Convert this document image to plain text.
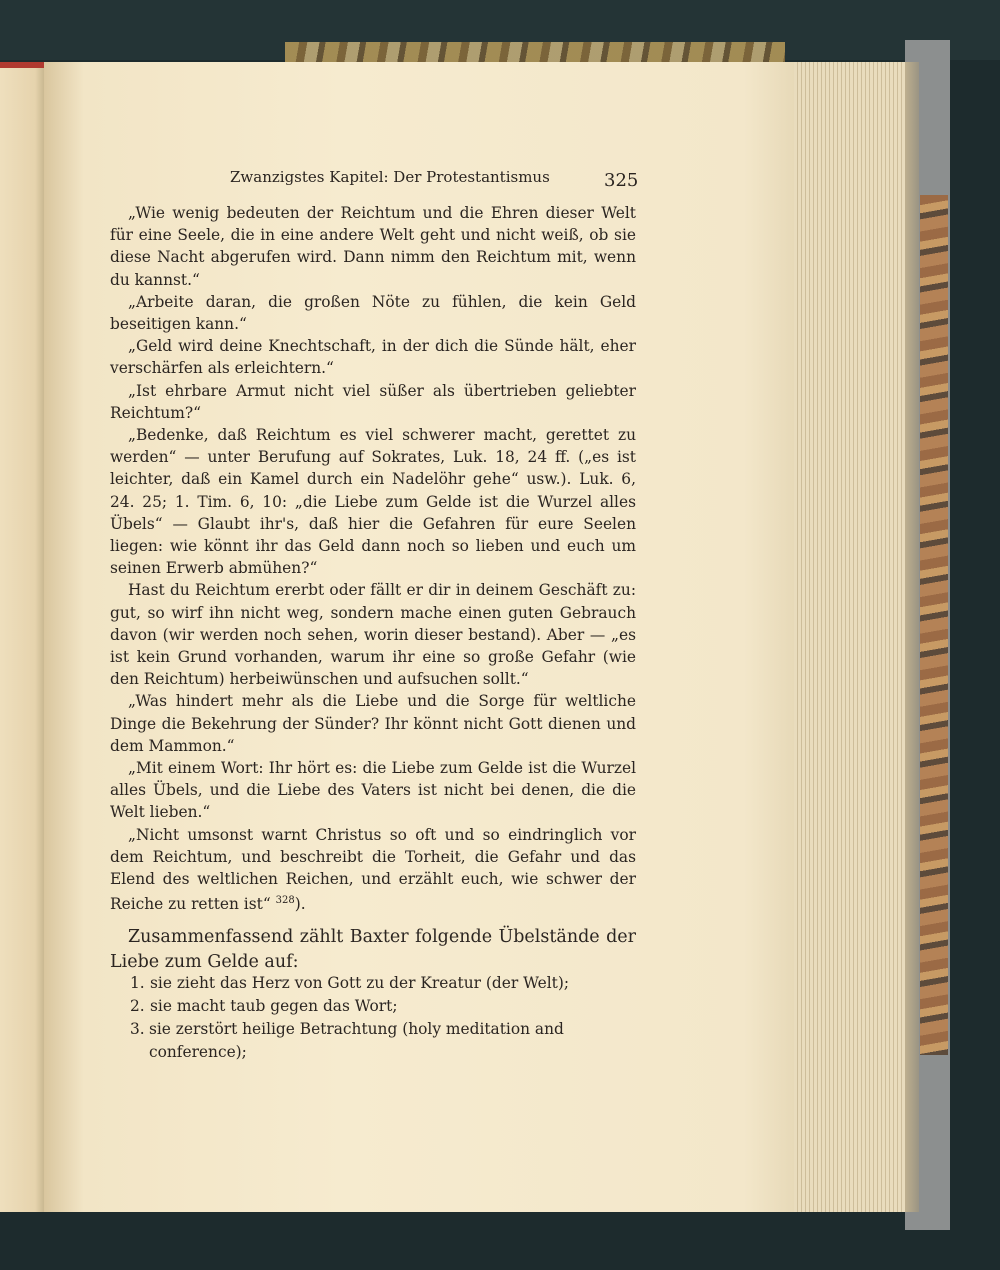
Zwanzigstes Kapitel: Der Protestantismus	325

„Wie wenig bedeuten der Reichtum und die Ehren dieser Welt für eine Seele, die in eine andere Welt geht und nicht weiß, ob sie diese Nacht abgerufen wird. Dann nimm den Reichtum mit, wenn du kannst.“

„Arbeite daran, die großen Nöte zu fühlen, die kein Geld beseitigen kann.“

„Geld wird deine Knechtschaft, in der dich die Sünde hält, eher verschärfen als erleichtern.“

„Ist ehrbare Armut nicht viel süßer als übertrieben geliebter Reichtum?“

„Bedenke, daß Reichtum es viel schwerer macht, gerettet zu werden“ — unter Berufung auf Sokrates, Luk. 18, 24 ff. („es ist leichter, daß ein Kamel durch ein Nadelöhr gehe“ usw.). Luk. 6, 24. 25; 1. Tim. 6, 10: „die Liebe zum Gelde ist die Wurzel alles Übels“ — Glaubt ihr's, daß hier die Gefahren für eure Seelen liegen: wie könnt ihr das Geld dann noch so lieben und euch um seinen Erwerb abmühen?“

Hast du Reichtum ererbt oder fällt er dir in deinem Geschäft zu: gut, so wirf ihn nicht weg, sondern mache einen guten Gebrauch davon (wir werden noch sehen, worin dieser bestand). Aber — „es ist kein Grund vorhanden, warum ihr eine so große Gefahr (wie den Reichtum) herbeiwünschen und aufsuchen sollt.“

„Was hindert mehr als die Liebe und die Sorge für weltliche Dinge die Bekehrung der Sünder? Ihr könnt nicht Gott dienen und dem Mammon.“

„Mit einem Wort: Ihr hört es: die Liebe zum Gelde ist die Wurzel alles Übels, und die Liebe des Vaters ist nicht bei denen, die die Welt lieben.“

„Nicht umsonst warnt Christus so oft und so eindringlich vor dem Reichtum, und beschreibt die Torheit, die Gefahr und das Elend des weltlichen Reichen, und erzählt euch, wie schwer der Reiche zu retten ist“ $^{328}$).

Zusammenfassend zählt Baxter folgende Übelstände der Liebe zum Gelde auf:
1. sie zieht das Herz von Gott zu der Kreatur (der Welt);
2. sie macht taub gegen das Wort;
3. sie zerstört heilige Betrachtung (holy meditation and conference);
